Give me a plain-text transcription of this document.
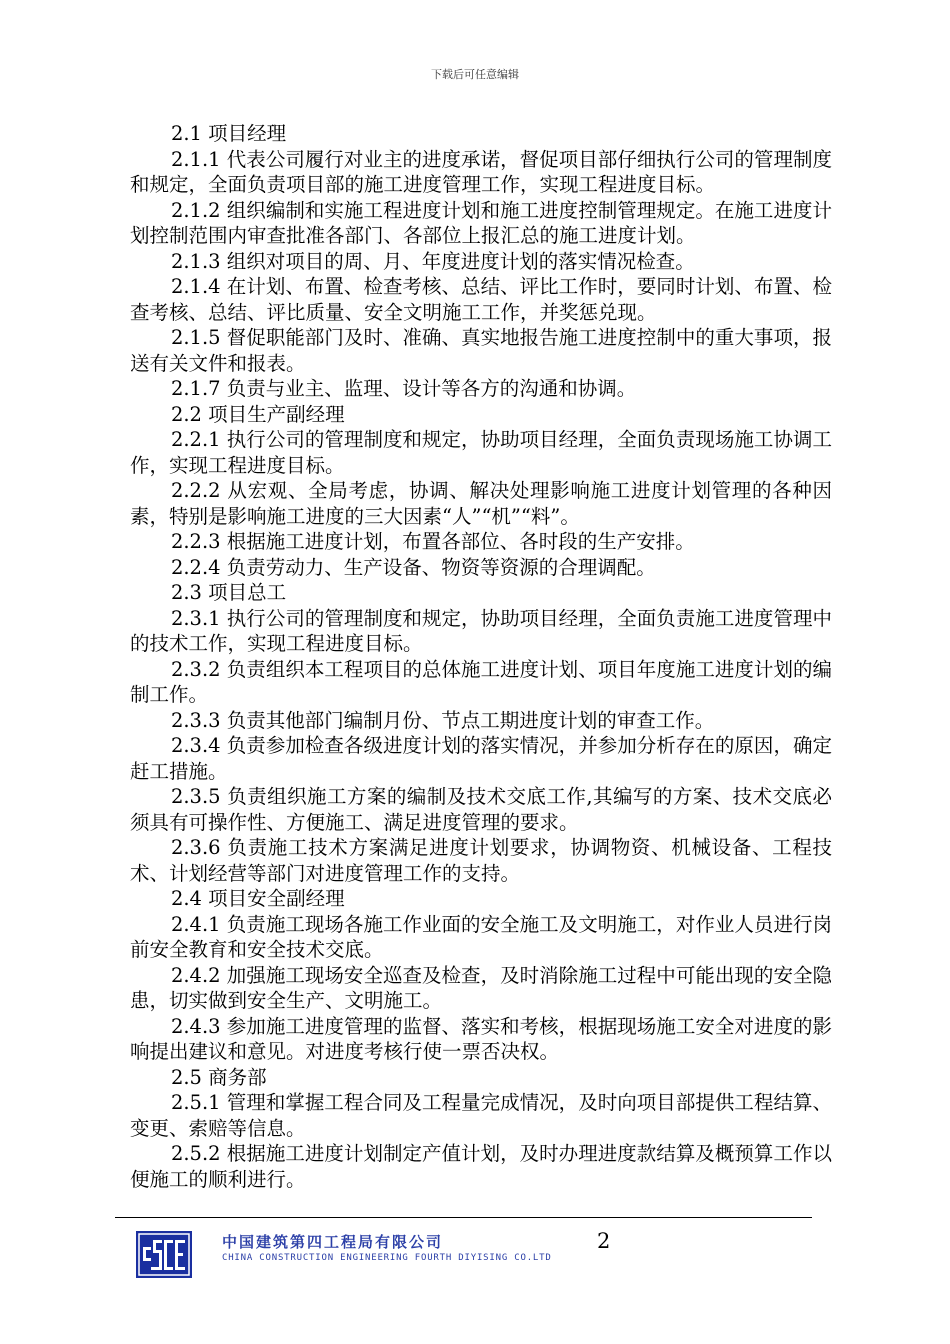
下载后可任意编辑

2.1 项目经理

2.1.1 代表公司履行对业主的进度承诺，督促项目部仔细执行公司的管理制度和规定，全面负责项目部的施工进度管理工作，实现工程进度目标。

2.1.2 组织编制和实施工程进度计划和施工进度控制管理规定。在施工进度计划控制范围内审查批准各部门、各部位上报汇总的施工进度计划。

2.1.3 组织对项目的周、月、年度进度计划的落实情况检查。

2.1.4 在计划、布置、检查考核、总结、评比工作时，要同时计划、布置、检查考核、总结、评比质量、安全文明施工工作，并奖惩兑现。

2.1.5 督促职能部门及时、准确、真实地报告施工进度控制中的重大事项，报送有关文件和报表。

2.1.7 负责与业主、监理、设计等各方的沟通和协调。

2.2 项目生产副经理

2.2.1 执行公司的管理制度和规定，协助项目经理，全面负责现场施工协调工作，实现工程进度目标。

2.2.2 从宏观、全局考虑，协调、解决处理影响施工进度计划管理的各种因素，特别是影响施工进度的三大因素“人”“机”“料”。

2.2.3 根据施工进度计划，布置各部位、各时段的生产安排。

2.2.4 负责劳动力、生产设备、物资等资源的合理调配。

2.3 项目总工

2.3.1 执行公司的管理制度和规定，协助项目经理，全面负责施工进度管理中的技术工作，实现工程进度目标。

2.3.2 负责组织本工程项目的总体施工进度计划、项目年度施工进度计划的编制工作。

2.3.3 负责其他部门编制月份、节点工期进度计划的审查工作。

2.3.4 负责参加检查各级进度计划的落实情况，并参加分析存在的原因，确定赶工措施。

2.3.5 负责组织施工方案的编制及技术交底工作,其编写的方案、技术交底必须具有可操作性、方便施工、满足进度管理的要求。

2.3.6 负责施工技术方案满足进度计划要求，协调物资、机械设备、工程技术、计划经营等部门对进度管理工作的支持。

2.4 项目安全副经理

2.4.1 负责施工现场各施工作业面的安全施工及文明施工，对作业人员进行岗前安全教育和安全技术交底。

2.4.2 加强施工现场安全巡查及检查，及时消除施工过程中可能出现的安全隐患，切实做到安全生产、文明施工。

2.4.3 参加施工进度管理的监督、落实和考核，根据现场施工安全对进度的影响提出建议和意见。对进度考核行使一票否决权。

2.5 商务部

2.5.1 管理和掌握工程合同及工程量完成情况，及时向项目部提供工程结算、变更、索赔等信息。

2.5.2 根据施工进度计划制定产值计划，及时办理进度款结算及概预算工作以便施工的顺利进行。

中国建筑第四工程局有限公司
CHINA CONSTRUCTION ENGINEERING FOURTH DIYISING CO.LTD
2
